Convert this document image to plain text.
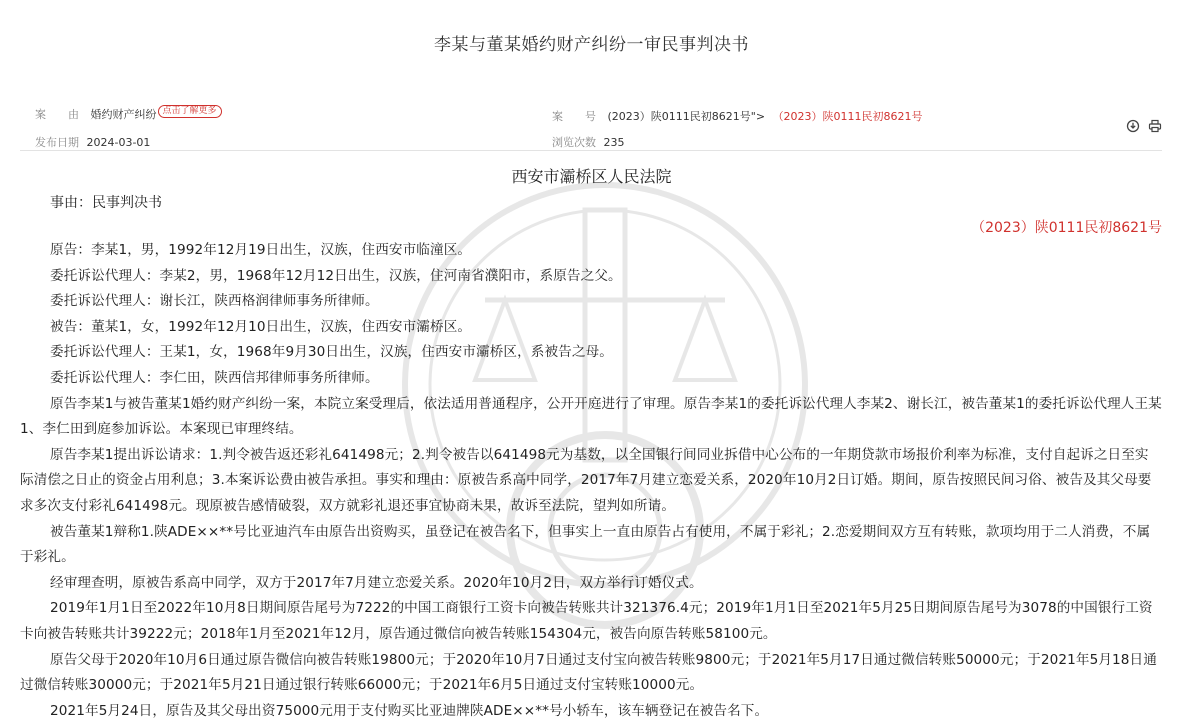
李某与董某婚约财产纠纷一审民事判决书
案　　由 婚约财产纠纷 点击了解更多	案　　号 (2023）陕0111民初8621号"> （2023）陕0111民初8621号
发布日期 2024-03-01	浏览次数 235

西安市灞桥区人民法院
事由：民事判决书
（2023）陕0111民初8621号

原告：李某1，男，1992年12月19日出生，汉族，住西安市临潼区。

委托诉讼代理人：李某2，男，1968年12月12日出生，汉族，住河南省濮阳市，系原告之父。

委托诉讼代理人：谢长江，陕西格润律师事务所律师。

被告：董某1，女，1992年12月10日出生，汉族，住西安市灞桥区。

委托诉讼代理人：王某1，女，1968年9月30日出生，汉族，住西安市灞桥区，系被告之母。

委托诉讼代理人：李仁田，陕西信邦律师事务所律师。

原告李某1与被告董某1婚约财产纠纷一案，本院立案受理后，依法适用普通程序，公开开庭进行了审理。原告李某1的委托诉讼代理人李某2、谢长江，被告董某1的委托诉讼代理人王某1、李仁田到庭参加诉讼。本案现已审理终结。

原告李某1提出诉讼请求：1.判令被告返还彩礼641498元；2.判令被告以641498元为基数，以全国银行间同业拆借中心公布的一年期贷款市场报价利率为标准，支付自起诉之日至实际清偿之日止的资金占用利息；3.本案诉讼费由被告承担。事实和理由：原被告系高中同学，2017年7月建立恋爱关系，2020年10月2日订婚。期间，原告按照民间习俗、被告及其父母要求多次支付彩礼641498元。现原被告感情破裂，双方就彩礼退还事宜协商未果，故诉至法院，望判如所请。

被告董某1辩称1.陕ADE××**号比亚迪汽车由原告出资购买，虽登记在被告名下，但事实上一直由原告占有使用，不属于彩礼；2.恋爱期间双方互有转账，款项均用于二人消费，不属于彩礼。

经审理查明，原被告系高中同学，双方于2017年7月建立恋爱关系。2020年10月2日，双方举行订婚仪式。

2019年1月1日至2022年10月8日期间原告尾号为7222的中国工商银行工资卡向被告转账共计321376.4元；2019年1月1日至2021年5月25日期间原告尾号为3078的中国银行工资卡向被告转账共计39222元；2018年1月至2021年12月，原告通过微信向被告转账154304元，被告向原告转账58100元。

原告父母于2020年10月6日通过原告微信向被告转账19800元；于2020年10月7日通过支付宝向被告转账9800元；于2021年5月17日通过微信转账50000元；于2021年5月18日通过微信转账30000元；于2021年5月21日通过银行转账66000元；于2021年6月5日通过支付宝转账10000元。

2021年5月24日，原告及其父母出资75000元用于支付购买比亚迪牌陕ADE××**号小轿车，该车辆登记在被告名下。
